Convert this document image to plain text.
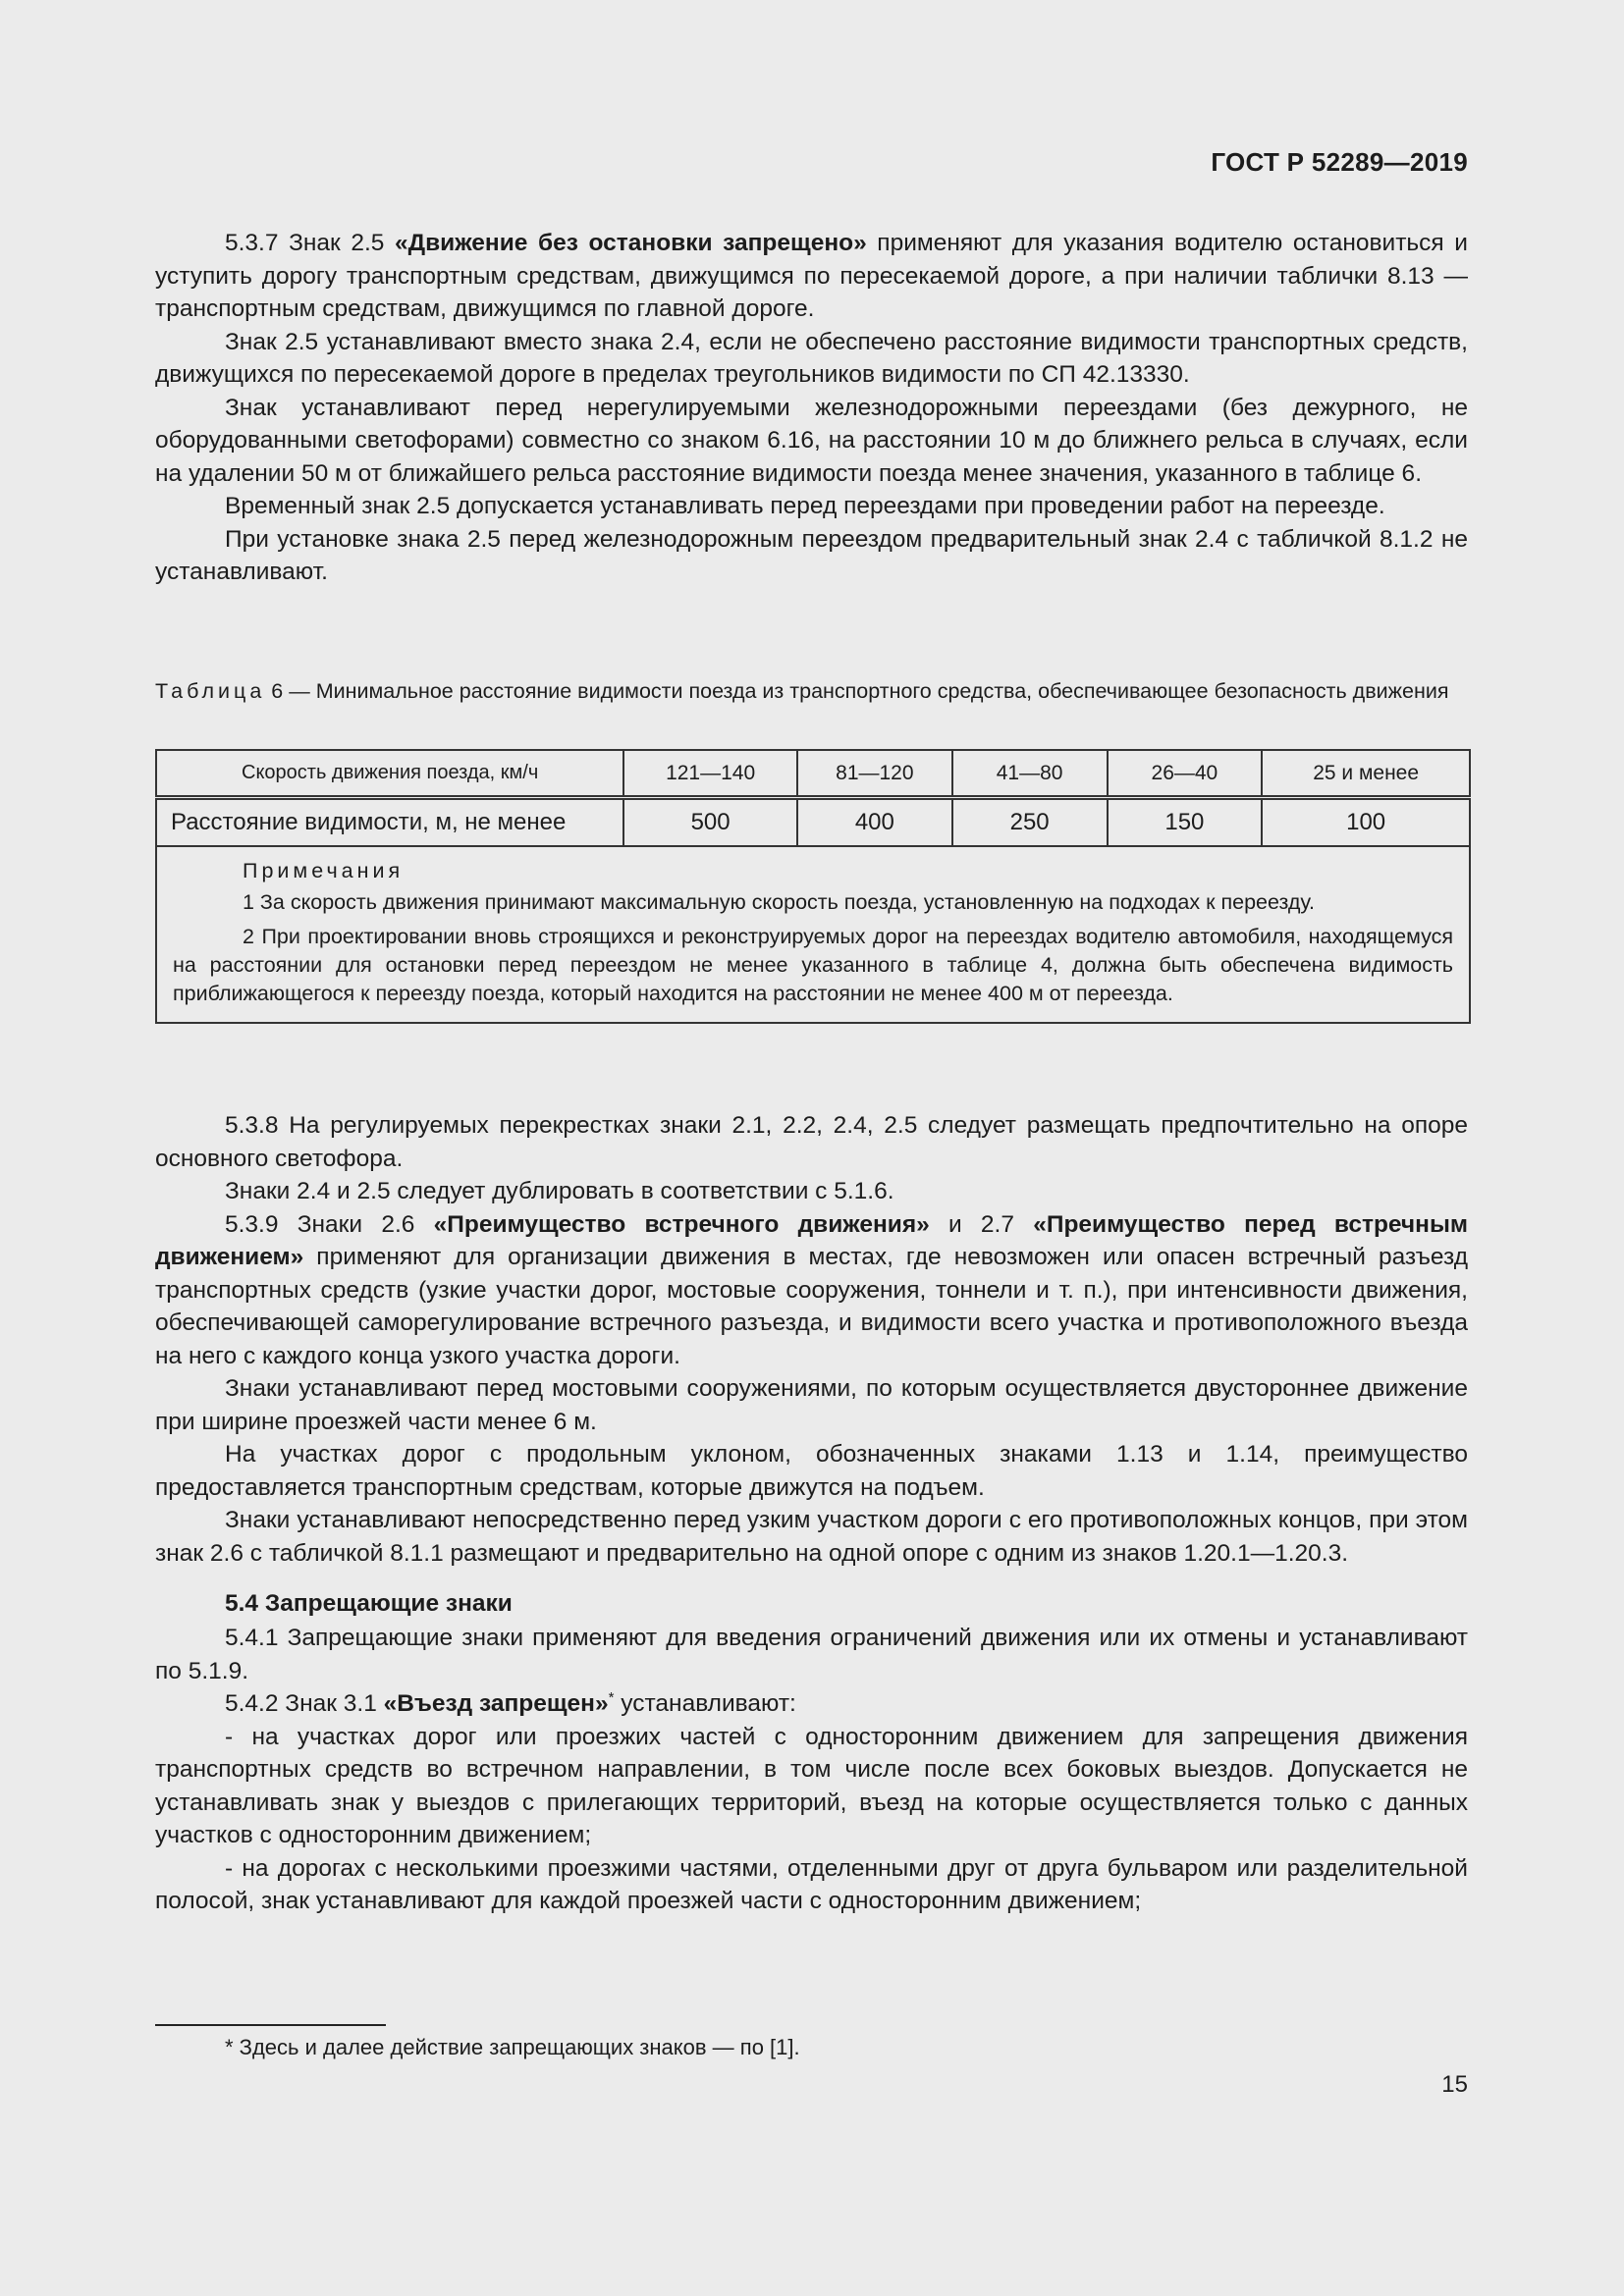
ГОСТ Р 52289—2019

5.3.7 Знак 2.5 «Движение без остановки запрещено» применяют для указания водителю остановиться и уступить дорогу транспортным средствам, движущимся по пересекаемой дороге, а при наличии таблички 8.13 — транспортным средствам, движущимся по главной дороге.

Знак 2.5 устанавливают вместо знака 2.4, если не обеспечено расстояние видимости транспортных средств, движущихся по пересекаемой дороге в пределах треугольников видимости по СП 42.13330.

Знак устанавливают перед нерегулируемыми железнодорожными переездами (без дежурного, не оборудованными светофорами) совместно со знаком 6.16, на расстоянии 10 м до ближнего рельса в случаях, если на удалении 50 м от ближайшего рельса расстояние видимости поезда менее значения, указанного в таблице 6.

Временный знак 2.5 допускается устанавливать перед переездами при проведении работ на переезде.

При установке знака 2.5 перед железнодорожным переездом предварительный знак 2.4 с табличкой 8.1.2 не устанавливают.

Таблица 6 — Минимальное расстояние видимости поезда из транспортного средства, обеспечивающее безопасность движения
Скорость движения поезда, км/ч	121—140	81—120	41—80	26—40	25 и менее
Расстояние видимости, м, не менее	500	400	250	150	100

Примечания

1 За скорость движения принимают максимальную скорость поезда, установленную на подходах к переезду.

2 При проектировании вновь строящихся и реконструируемых дорог на переездах водителю автомобиля, находящемуся на расстоянии для остановки перед переездом не менее указанного в таблице 4, должна быть обеспечена видимость приближающегося к переезду поезда, который находится на расстоянии не менее 400 м от переезда.					

5.3.8 На регулируемых перекрестках знаки 2.1, 2.2, 2.4, 2.5 следует размещать предпочтительно на опоре основного светофора.

Знаки 2.4 и 2.5 следует дублировать в соответствии с 5.1.6.

5.3.9 Знаки 2.6 «Преимущество встречного движения» и 2.7 «Преимущество перед встречным движением» применяют для организации движения в местах, где невозможен или опасен встречный разъезд транспортных средств (узкие участки дорог, мостовые сооружения, тоннели и т. п.), при интенсивности движения, обеспечивающей саморегулирование встречного разъезда, и видимости всего участка и противоположного въезда на него с каждого конца узкого участка дороги.

Знаки устанавливают перед мостовыми сооружениями, по которым осуществляется двустороннее движение при ширине проезжей части менее 6 м.

На участках дорог с продольным уклоном, обозначенных знаками 1.13 и 1.14, преимущество предоставляется транспортным средствам, которые движутся на подъем.

Знаки устанавливают непосредственно перед узким участком дороги с его противоположных концов, при этом знак 2.6 с табличкой 8.1.1 размещают и предварительно на одной опоре с одним из знаков 1.20.1—1.20.3.

5.4 Запрещающие знаки

5.4.1 Запрещающие знаки применяют для введения ограничений движения или их отмены и устанавливают по 5.1.9.

5.4.2 Знак 3.1 «Въезд запрещен»* устанавливают:

- на участках дорог или проезжих частей с односторонним движением для запрещения движения транспортных средств во встречном направлении, в том числе после всех боковых выездов. Допускается не устанавливать знак у выездов с прилегающих территорий, въезд на которые осуществляется только с данных участков с односторонним движением;

- на дорогах с несколькими проезжими частями, отделенными друг от друга бульваром или разделительной полосой, знак устанавливают для каждой проезжей части с односторонним движением;

* Здесь и далее действие запрещающих знаков — по [1].
15
